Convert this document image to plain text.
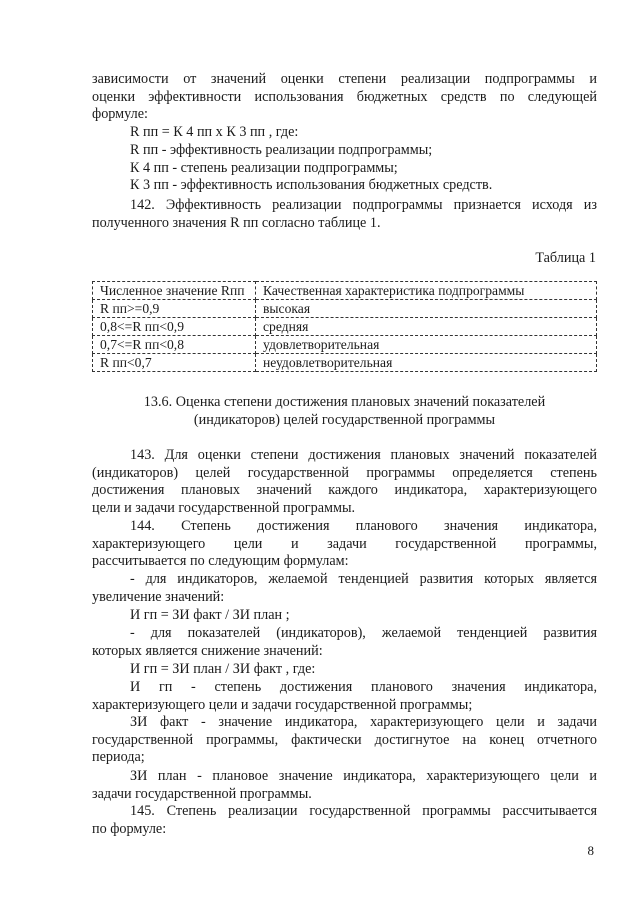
зависимости от значений оценки степени реализации подпрограммы и
оценки эффективности использования бюджетных средств по следующей
формуле:
R пп = К 4 пп х К 3 пп , где:
R пп - эффективность реализации подпрограммы;
К 4 пп - степень реализации подпрограммы;
К 3 пп - эффективность использования бюджетных средств.
142. Эффективность реализации подпрограммы признается исходя из
полученного значения R пп согласно таблице 1.
Таблица 1
Численное значение Rпп	Качественная характеристика подпрограммы
R пп>=0,9	высокая
0,8<=R пп<0,9	средняя
0,7<=R пп<0,8	удовлетворительная
R пп<0,7	неудовлетворительная
13.6. Оценка степени достижения плановых значений показателей
(индикаторов) целей государственной программы
143. Для оценки степени достижения плановых значений показателей
(индикаторов) целей государственной программы определяется степень
достижения плановых значений каждого индикатора, характеризующего
цели и задачи государственной программы.
144. Степень достижения планового значения индикатора,
характеризующего цели и задачи государственной программы,
рассчитывается по следующим формулам:
- для индикаторов, желаемой тенденцией развития которых является
увеличение значений:
И гп = ЗИ факт / ЗИ план ;
- для показателей (индикаторов), желаемой тенденцией развития
которых является снижение значений:
И гп = ЗИ план / ЗИ факт , где:
И гп - степень достижения планового значения индикатора,
характеризующего цели и задачи государственной программы;
ЗИ факт - значение индикатора, характеризующего цели и задачи
государственной программы, фактически достигнутое на конец отчетного
периода;
ЗИ план - плановое значение индикатора, характеризующего цели и
задачи государственной программы.
145. Степень реализации государственной программы рассчитывается
по формуле:
8
